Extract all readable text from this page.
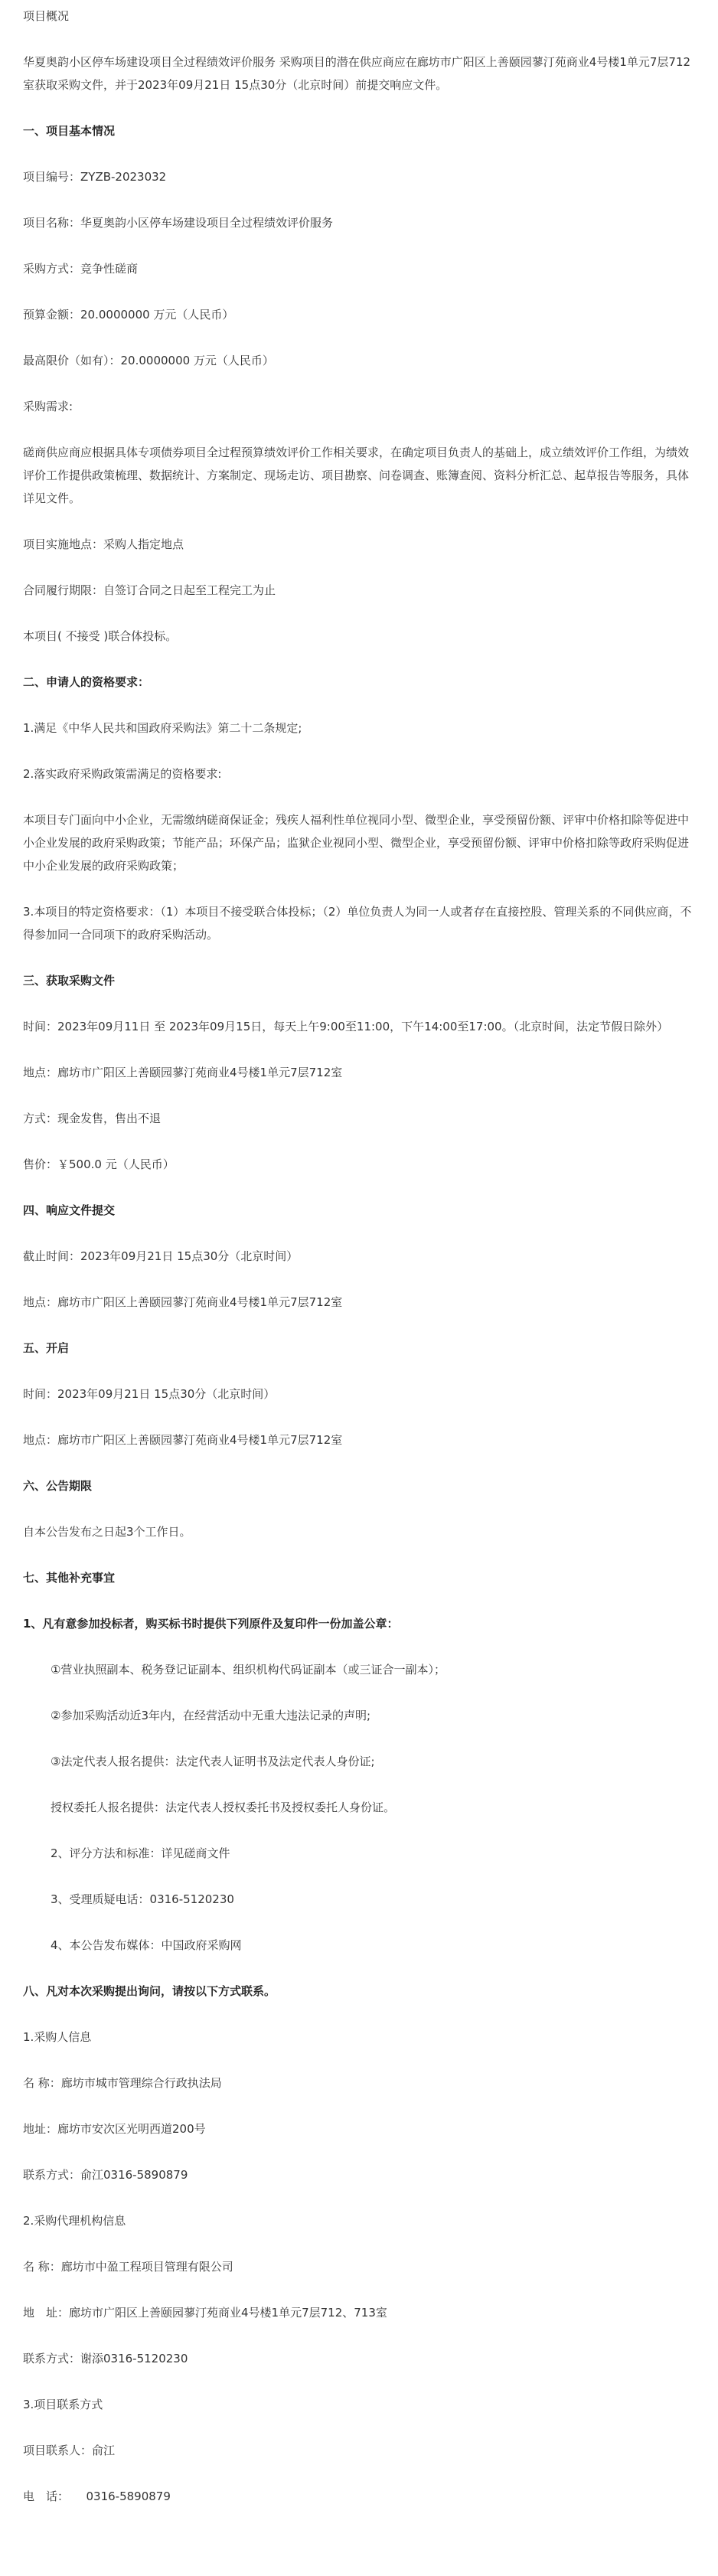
项目概况
华夏奥韵小区停车场建设项目全过程绩效评价服务 采购项目的潜在供应商应在廊坊市广阳区上善颐园蓼汀苑商业4号楼1单元7层712室获取采购文件，并于2023年09月21日 15点30分（北京时间）前提交响应文件。
一、项目基本情况
项目编号：ZYZB-2023032
项目名称：华夏奥韵小区停车场建设项目全过程绩效评价服务
采购方式：竞争性磋商
预算金额：20.0000000 万元（人民币）
最高限价（如有）：20.0000000 万元（人民币）
采购需求:
磋商供应商应根据具体专项债券项目全过程预算绩效评价工作相关要求，在确定项目负责人的基础上，成立绩效评价工作组，为绩效评价工作提供政策梳理、数据统计、方案制定、现场走访、项目勘察、问卷调查、账簿查阅、资料分析汇总、起草报告等服务，具体详见文件。
项目实施地点：采购人指定地点
合同履行期限：自签订合同之日起至工程完工为止
本项目( 不接受 )联合体投标。
二、申请人的资格要求：
1.满足《中华人民共和国政府采购法》第二十二条规定;
2.落实政府采购政策需满足的资格要求:
本项目专门面向中小企业，无需缴纳磋商保证金；残疾人福利性单位视同小型、微型企业，享受预留份额、评审中价格扣除等促进中小企业发展的政府采购政策；节能产品；环保产品；监狱企业视同小型、微型企业，享受预留份额、评审中价格扣除等政府采购促进中小企业发展的政府采购政策；
3.本项目的特定资格要求：（1）本项目不接受联合体投标；（2）单位负责人为同一人或者存在直接控股、管理关系的不同供应商，不得参加同一合同项下的政府采购活动。
三、获取采购文件
时间：2023年09月11日 至 2023年09月15日，每天上午9:00至11:00，下午14:00至17:00。（北京时间，法定节假日除外）
地点：廊坊市广阳区上善颐园蓼汀苑商业4号楼1单元7层712室
方式：现金发售，售出不退
售价：￥500.0 元（人民币）
四、响应文件提交
截止时间：2023年09月21日 15点30分（北京时间）
地点：廊坊市广阳区上善颐园蓼汀苑商业4号楼1单元7层712室
五、开启
时间：2023年09月21日 15点30分（北京时间）
地点：廊坊市广阳区上善颐园蓼汀苑商业4号楼1单元7层712室
六、公告期限
自本公告发布之日起3个工作日。
七、其他补充事宜
1、凡有意参加投标者，购买标书时提供下列原件及复印件一份加盖公章：
①营业执照副本、税务登记证副本、组织机构代码证副本（或三证合一副本）；
②参加采购活动近3年内，在经营活动中无重大违法记录的声明;
③法定代表人报名提供：法定代表人证明书及法定代表人身份证;
授权委托人报名提供：法定代表人授权委托书及授权委托人身份证。
2、评分方法和标准：详见磋商文件
3、受理质疑电话：0316-5120230
4、本公告发布媒体：中国政府采购网
八、凡对本次采购提出询问，请按以下方式联系。
1.采购人信息
名 称：廊坊市城市管理综合行政执法局
地址：廊坊市安次区光明西道200号
联系方式：俞江0316-5890879
2.采购代理机构信息
名 称：廊坊市中盈工程项目管理有限公司
地　址：廊坊市广阳区上善颐园蓼汀苑商业4号楼1单元7层712、713室
联系方式：谢添0316-5120230
3.项目联系方式
项目联系人：俞江
电　话：　　0316-5890879
